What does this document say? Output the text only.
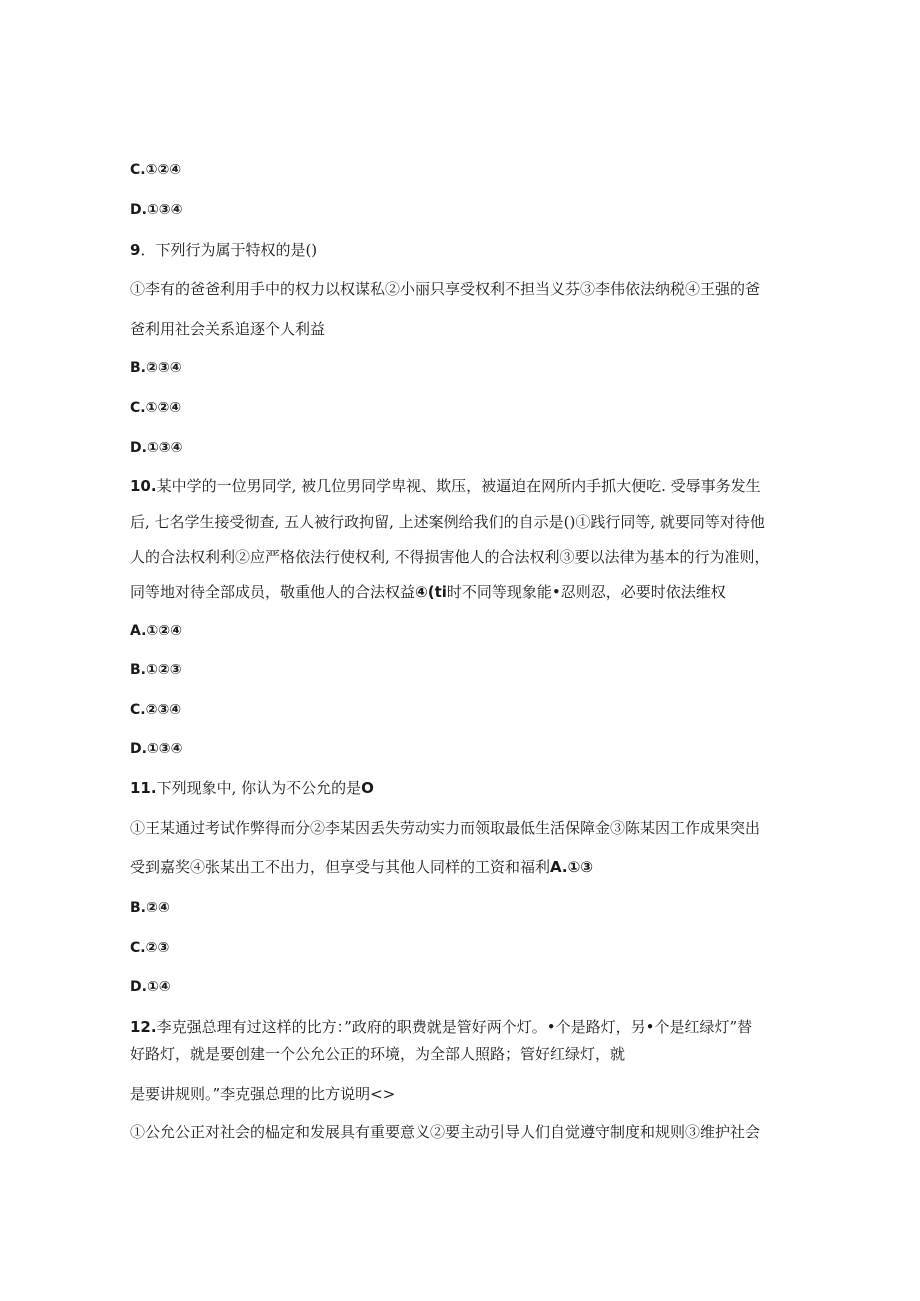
C.①②④
D.①③④
9．下列行为属于特权的是()
①李有的爸爸利用手中的权力以权谋私②小丽只享受权利不担当义芬③李伟依法纳税④王强的爸
爸利用社会关系追逐个人利益
B.②③④
C.①②④
D.①③④
10.某中学的一位男同学, 被几位男同学卑视、欺压，被逼迫在网所内手抓大便吃. 受辱事务发生
后, 七名学生接受彻查, 五人被行政拘留, 上述案例给我们的自示是()①践行同等, 就要同等对待他
人的合法权利利②应严格依法行使权利, 不得损害他人的合法权利③要以法律为基本的行为准则，
同等地对待全部成员，敬重他人的合法权益④(ti时不同等现象能•忍则忍，必要时依法维权
A.①②④
B.①②③
C.②③④
D.①③④
11.下列现象中, 你认为不公允的是O
①王某通过考试作弊得而分②李某因丢失劳动实力而领取最低生活保障金③陈某因工作成果突出
受到嘉奖④张某出工不出力，但享受与其他人同样的工资和福利A.①③
B.②④
C.②③
D.①④
12.李克强总理有过这样的比方：”政府的职费就是管好两个灯。•个是路灯，另•个是红绿灯”替
好路灯，就是要创建一个公允公正的环境，为全部人照路；管好红绿灯，就
是要讲规则。”李克强总理的比方说明<>
①公允公正对社会的榀定和发展具有重要意义②要主动引导人们自觉遵守制度和规则③维护社会
